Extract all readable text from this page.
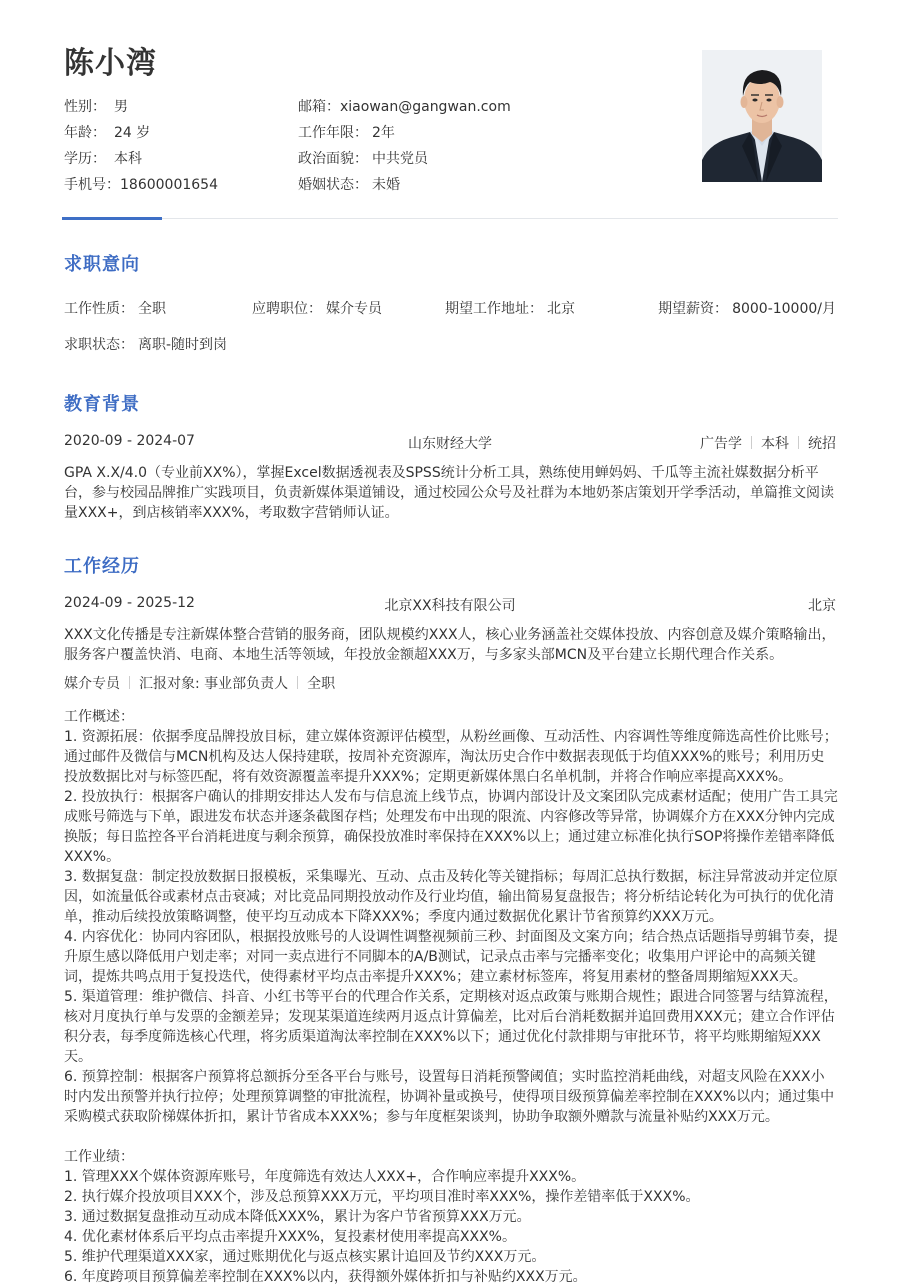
陈小湾
性别： 男
年龄： 24 岁
学历： 本科
手机号：18600001654
邮箱：xiaowan@gangwan.com
工作年限： 2年
政治面貌： 中共党员
婚姻状态： 未婚
求职意向
工作性质： 全职	应聘职位： 媒介专员	期望工作地址： 北京	期望薪资： 8000-10000/月
求职状态： 离职-随时到岗
教育背景
2020-09 - 2024-07	山东财经大学	广告学 本科 统招
GPA X.X/4.0（专业前XX%），掌握Excel数据透视表及SPSS统计分析工具，熟练使用蝉妈妈、千瓜等主流社媒数据分析平台，参与校园品牌推广实践项目，负责新媒体渠道铺设，通过校园公众号及社群为本地奶茶店策划开学季活动，单篇推文阅读量XXX+，到店核销率XXX%，考取数字营销师认证。
工作经历
2024-09 - 2025-12	北京XX科技有限公司	北京
XXX文化传播是专注新媒体整合营销的服务商，团队规模约XXX人，核心业务涵盖社交媒体投放、内容创意及媒介策略输出，服务客户覆盖快消、电商、本地生活等领域，年投放金额超XXX万，与多家头部MCN及平台建立长期代理合作关系。
媒介专员 汇报对象: 事业部负责人 全职
工作概述：
1. 资源拓展：依据季度品牌投放目标，建立媒体资源评估模型，从粉丝画像、互动活性、内容调性等维度筛选高性价比账号；通过邮件及微信与MCN机构及达人保持建联，按周补充资源库，淘汰历史合作中数据表现低于均值XXX%的账号；利用历史投放数据比对与标签匹配，将有效资源覆盖率提升XXX%；定期更新媒体黑白名单机制，并将合作响应率提高XXX%。
2. 投放执行：根据客户确认的排期安排达人发布与信息流上线节点，协调内部设计及文案团队完成素材适配；使用广告工具完成账号筛选与下单，跟进发布状态并逐条截图存档；处理发布中出现的限流、内容修改等异常，协调媒介方在XXX分钟内完成换版；每日监控各平台消耗进度与剩余预算，确保投放准时率保持在XXX%以上；通过建立标准化执行SOP将操作差错率降低XXX%。
3. 数据复盘：制定投放数据日报模板，采集曝光、互动、点击及转化等关键指标；每周汇总执行数据，标注异常波动并定位原因，如流量低谷或素材点击衰减；对比竞品同期投放动作及行业均值，输出简易复盘报告；将分析结论转化为可执行的优化清单，推动后续投放策略调整，使平均互动成本下降XXX%；季度内通过数据优化累计节省预算约XXX万元。
4. 内容优化：协同内容团队，根据投放账号的人设调性调整视频前三秒、封面图及文案方向；结合热点话题指导剪辑节奏，提升原生感以降低用户划走率；对同一卖点进行不同脚本的A/B测试，记录点击率与完播率变化；收集用户评论中的高频关键词，提炼共鸣点用于复投迭代，使得素材平均点击率提升XXX%；建立素材标签库，将复用素材的整备周期缩短XXX天。
5. 渠道管理：维护微信、抖音、小红书等平台的代理合作关系，定期核对返点政策与账期合规性；跟进合同签署与结算流程，核对月度执行单与发票的金额差异；发现某渠道连续两月返点计算偏差，比对后台消耗数据并追回费用XXX元；建立合作评估积分表，每季度筛选核心代理，将劣质渠道淘汰率控制在XXX%以下；通过优化付款排期与审批环节，将平均账期缩短XXX天。
6. 预算控制：根据客户预算将总额拆分至各平台与账号，设置每日消耗预警阈值；实时监控消耗曲线，对超支风险在XXX小时内发出预警并执行拉停；处理预算调整的审批流程，协调补量或换号，使得项目级预算偏差率控制在XXX%以内；通过集中采购模式获取阶梯媒体折扣，累计节省成本XXX%；参与年度框架谈判，协助争取额外赠款与流量补贴约XXX万元。
工作业绩：
1. 管理XXX个媒体资源库账号，年度筛选有效达人XXX+，合作响应率提升XXX%。
2. 执行媒介投放项目XXX个，涉及总预算XXX万元，平均项目准时率XXX%，操作差错率低于XXX%。
3. 通过数据复盘推动互动成本降低XXX%，累计为客户节省预算XXX万元。
4. 优化素材体系后平均点击率提升XXX%，复投素材使用率提高XXX%。
5. 维护代理渠道XXX家，通过账期优化与返点核实累计追回及节约XXX万元。
6. 年度跨项目预算偏差率控制在XXX%以内，获得额外媒体折扣与补贴约XXX万元。
